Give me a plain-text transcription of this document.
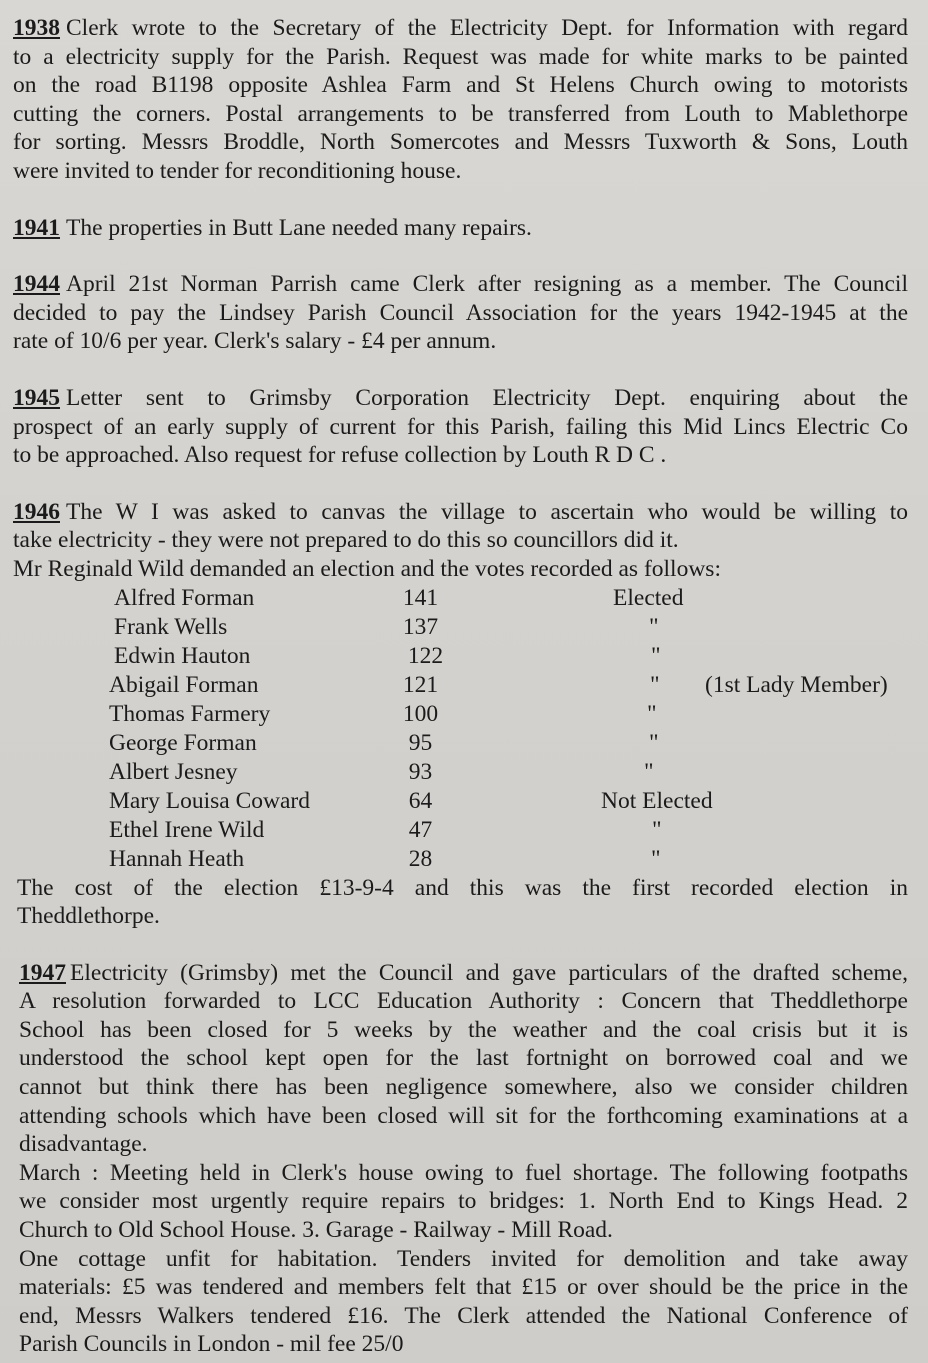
1938 Clerk wrote to the Secretary of the Electricity Dept. for Information with regard
to a electricity supply for the Parish. Request was made for white marks to be painted
on the road B1198 opposite Ashlea Farm and St Helens Church owing to motorists
cutting the corners. Postal arrangements to be transferred from Louth to Mablethorpe
for sorting. Messrs Broddle, North Somercotes and Messrs Tuxworth & Sons, Louth
were invited to tender for reconditioning house.

1941 The properties in Butt Lane needed many repairs.

1944 April 21st Norman Parrish came Clerk after resigning as a member. The Council
decided to pay the Lindsey Parish Council Association for the years 1942-1945 at the
rate of 10/6 per year. Clerk's salary - £4 per annum.

1945 Letter sent to Grimsby Corporation Electricity Dept. enquiring about the
prospect of an early supply of current for this Parish, failing this Mid Lincs Electric Co
to be approached. Also request for refuse collection by Louth R D C .

1946 The W I was asked to canvas the village to ascertain who would be willing to
take electricity - they were not prepared to do this so councillors did it.
Mr Reginald Wild demanded an election and the votes recorded as follows:
Alfred Forman	141	Elected
Frank Wells	137	"
Edwin Hauton	122	"
Abigail Forman	121	" (1st Lady Member)
Thomas Farmery	100	"
George Forman	95	"
Albert Jesney	93	"
Mary Louisa Coward	64	Not Elected
Ethel Irene Wild	47	"
Hannah Heath	28	"
The cost of the election £13-9-4 and this was the first recorded election in
Theddlethorpe.

1947 Electricity (Grimsby) met the Council and gave particulars of the drafted scheme,
A resolution forwarded to LCC Education Authority : Concern that Theddlethorpe
School has been closed for 5 weeks by the weather and the coal crisis but it is
understood the school kept open for the last fortnight on borrowed coal and we
cannot but think there has been negligence somewhere, also we consider children
attending schools which have been closed will sit for the forthcoming examinations at a
disadvantage.
March : Meeting held in Clerk's house owing to fuel shortage. The following footpaths
we consider most urgently require repairs to bridges: 1. North End to Kings Head. 2
Church to Old School House. 3. Garage - Railway - Mill Road.
One cottage unfit for habitation. Tenders invited for demolition and take away
materials: £5 was tendered and members felt that £15 or over should be the price in the
end, Messrs Walkers tendered £16. The Clerk attended the National Conference of
Parish Councils in London - mil fee 25/0
